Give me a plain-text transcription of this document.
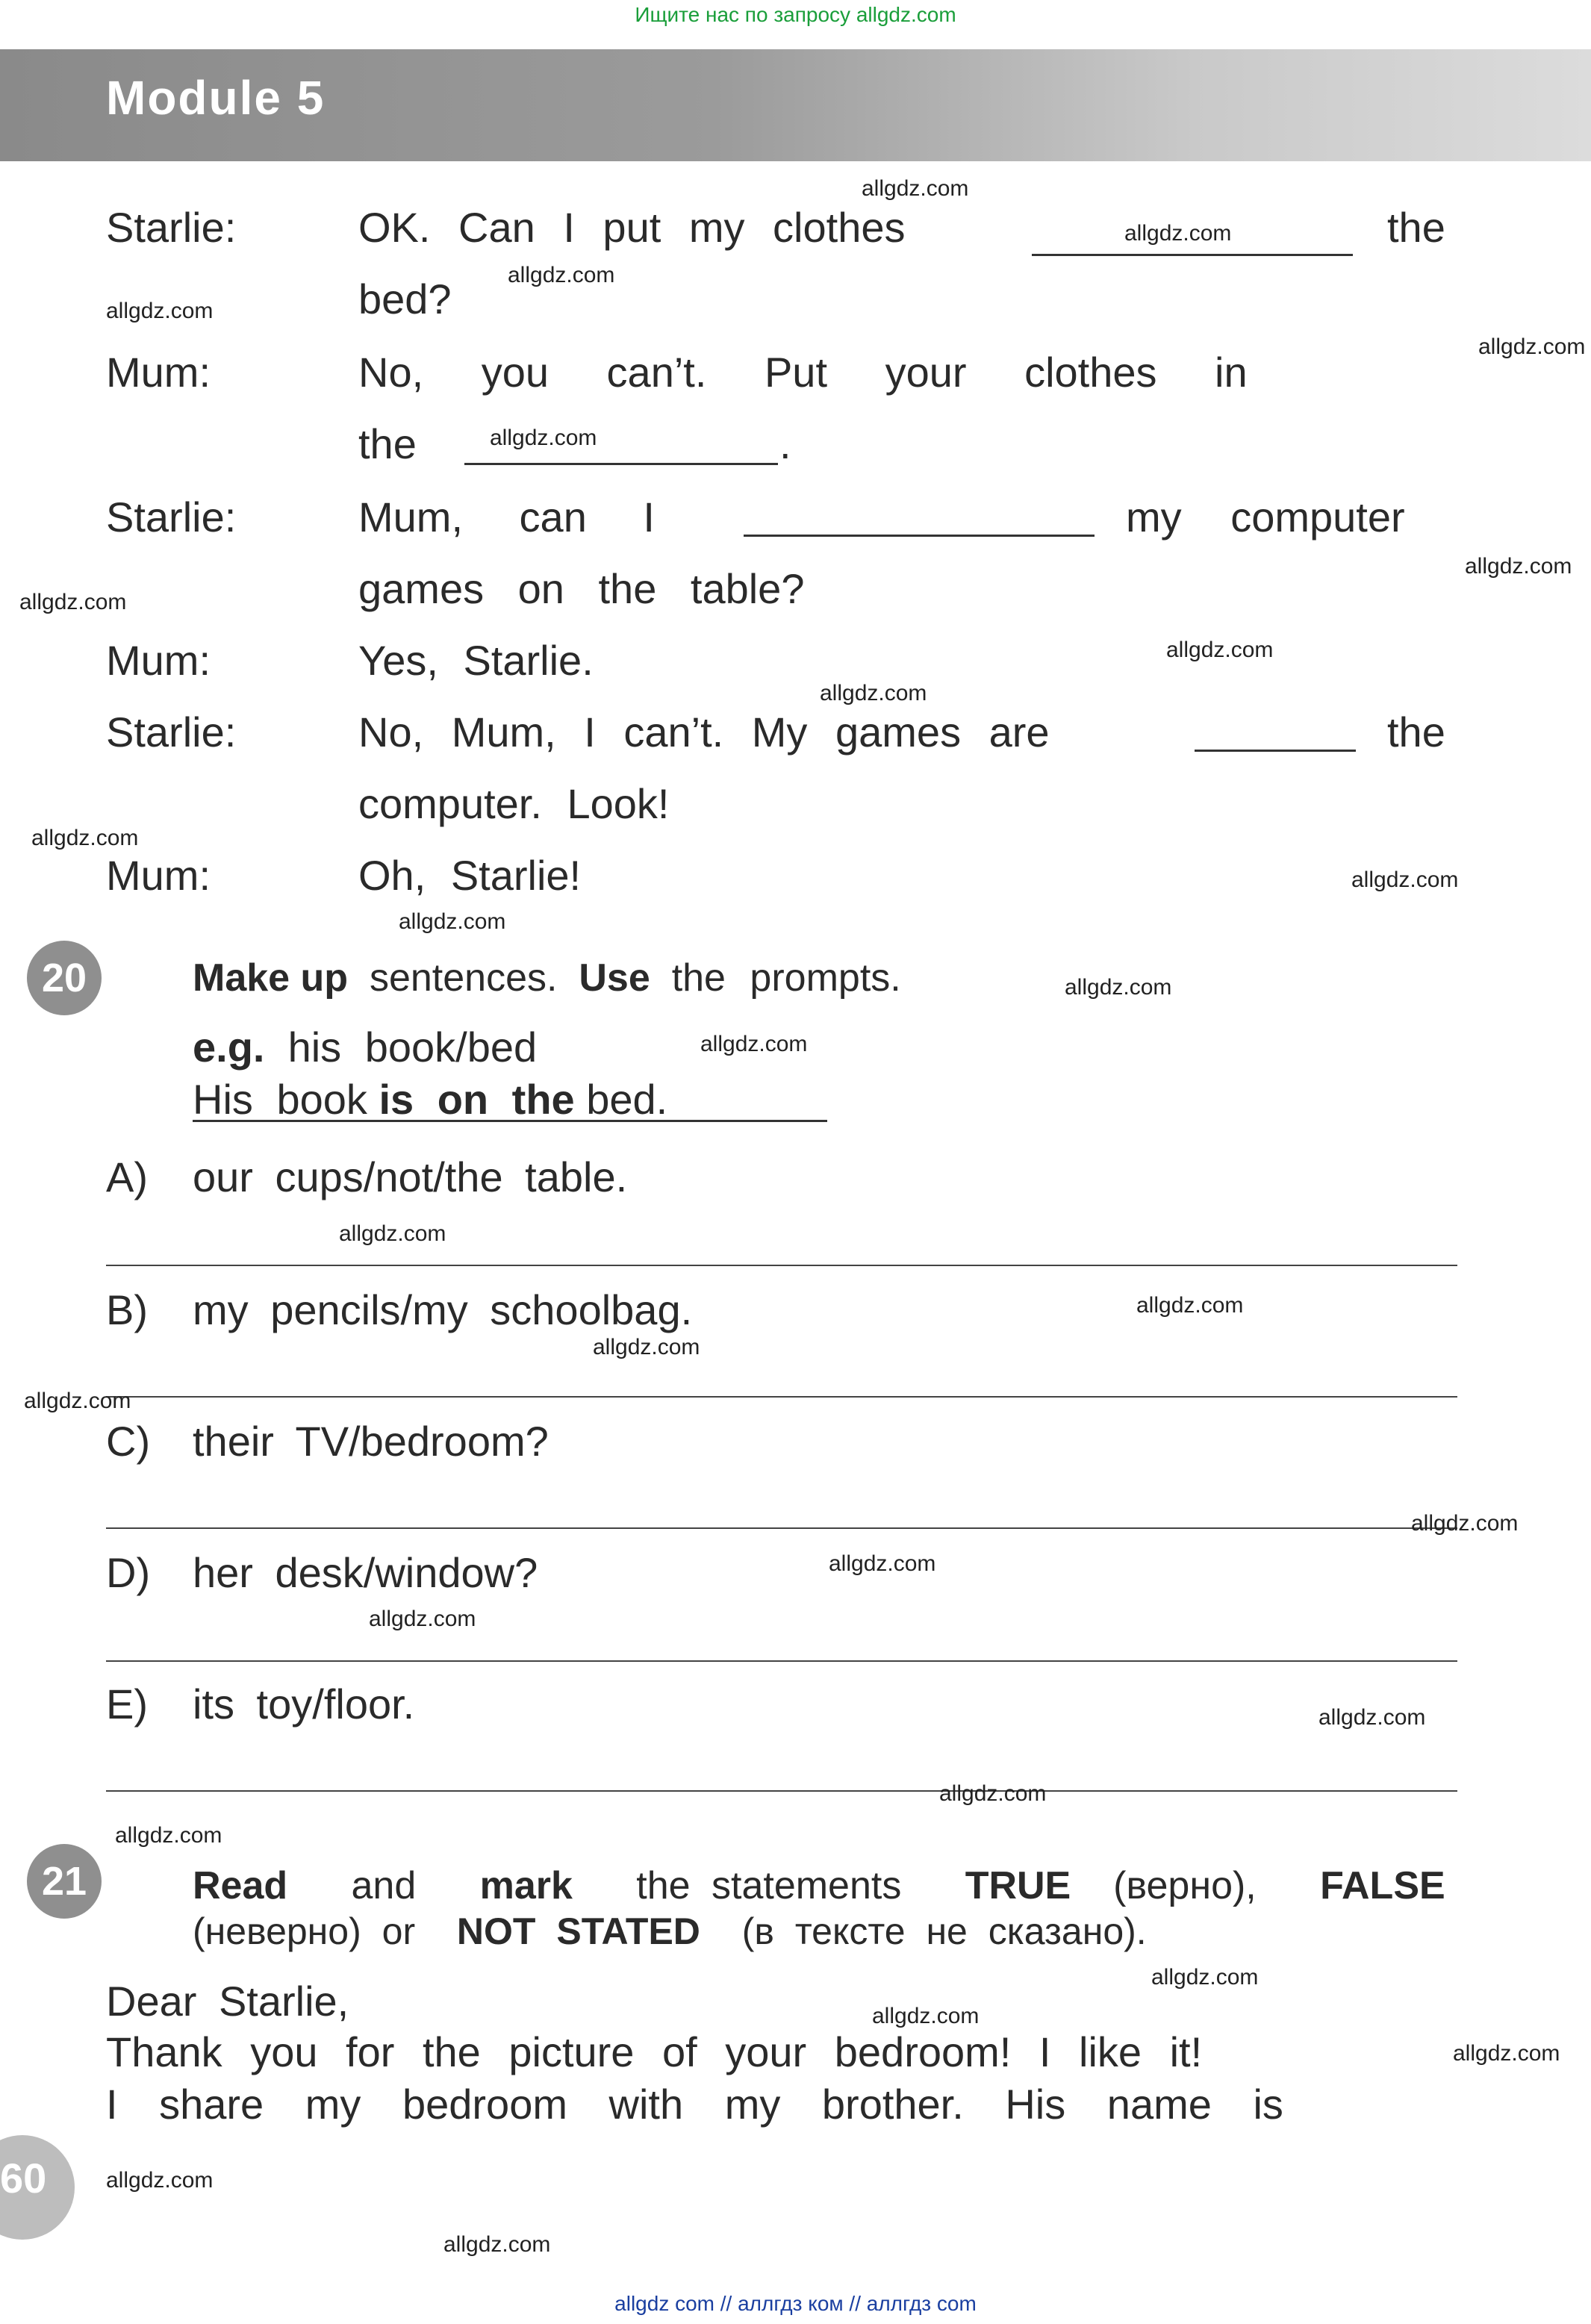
Ищите нас по запросу allgdz.com
Module 5
Starlie:	OK. Can I put my clothes	the
bed?
Mum:	No, you can’t. Put your clothes in
the	.
Starlie:	Mum, can I	my computer
games on the table?
Mum:	Yes, Starlie.
Starlie:	No, Mum, I can’t. My games are	the
computer. Look!
Mum:	Oh, Starlie!
20	Make up sentences. Use the prompts.
e.g. his book/bed
His book is on the bed.
A) our cups/not/the table.
B) my pencils/my schoolbag.
C) their TV/bedroom?
D) her desk/window?
E) its toy/floor.
21	Read and mark the statements TRUE (верно), FALSE
(неверно) or NOT STATED (в тексте не сказано).
Dear Starlie,
Thank you for the picture of your bedroom! I like it!
I share my bedroom with my brother. His name is
60
allgdz.com
allgdz.com
allgdz.com
allgdz.com
allgdz.com
allgdz.com
allgdz.com
allgdz.com
allgdz.com
allgdz.com
allgdz.com
allgdz.com
allgdz.com
allgdz.com
allgdz.com
allgdz.com
allgdz.com
allgdz.com
allgdz.com
allgdz.com
allgdz.com
allgdz.com
allgdz.com
allgdz.com
allgdz.com
allgdz.com
allgdz.com
allgdz.com
allgdz.com
allgdz.com
allgdz com // аллгдз ком // аллгдз com
